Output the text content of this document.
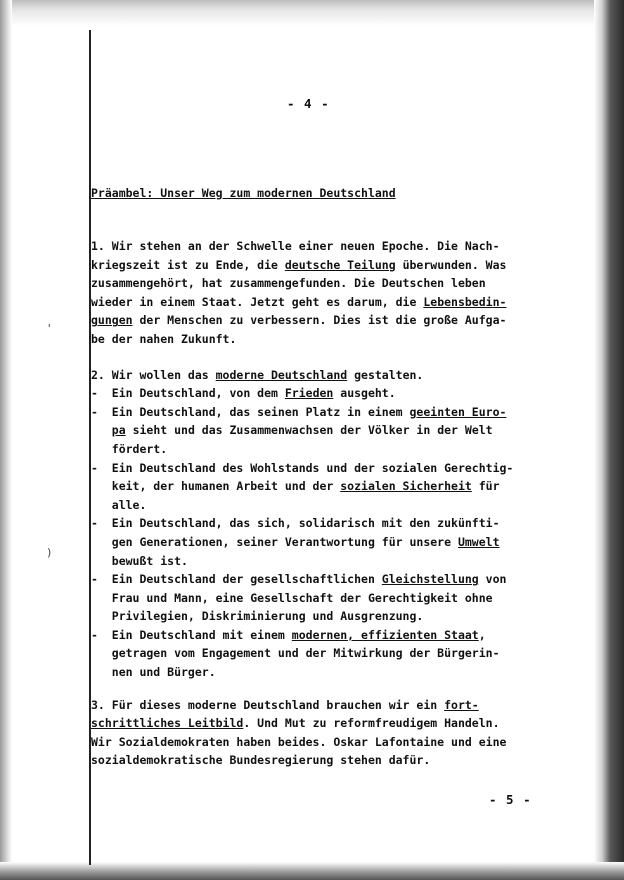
'
)
- 4 -
Präambel: Unser Weg zum modernen Deutschland

1. Wir stehen an der Schwelle einer neuen Epoche. Die Nach-

kriegszeit ist zu Ende, die deutsche Teilung überwunden. Was

zusammengehört, hat zusammengefunden. Die Deutschen leben

wieder in einem Staat. Jetzt geht es darum, die Lebensbedin-

gungen der Menschen zu verbessern. Dies ist die große Aufga-

be der nahen Zukunft.

2. Wir wollen das moderne Deutschland gestalten.

-  Ein Deutschland, von dem Frieden ausgeht.

-  Ein Deutschland, das seinen Platz in einem geeinten Euro-

pa sieht und das Zusammenwachsen der Völker in der Welt

fördert.

-  Ein Deutschland des Wohlstands und der sozialen Gerechtig-

keit, der humanen Arbeit und der sozialen Sicherheit für

alle.

-  Ein Deutschland, das sich, solidarisch mit den zukünfti-

gen Generationen, seiner Verantwortung für unsere Umwelt

bewußt ist.

-  Ein Deutschland der gesellschaftlichen Gleichstellung von

Frau und Mann, eine Gesellschaft der Gerechtigkeit ohne

Privilegien, Diskriminierung und Ausgrenzung.

-  Ein Deutschland mit einem modernen, effizienten Staat,

getragen vom Engagement und der Mitwirkung der Bürgerin-

nen und Bürger.

3. Für dieses moderne Deutschland brauchen wir ein fort-

schrittliches Leitbild. Und Mut zu reformfreudigem Handeln.

Wir Sozialdemokraten haben beides. Oskar Lafontaine und eine

sozialdemokratische Bundesregierung stehen dafür.

- 5 -
